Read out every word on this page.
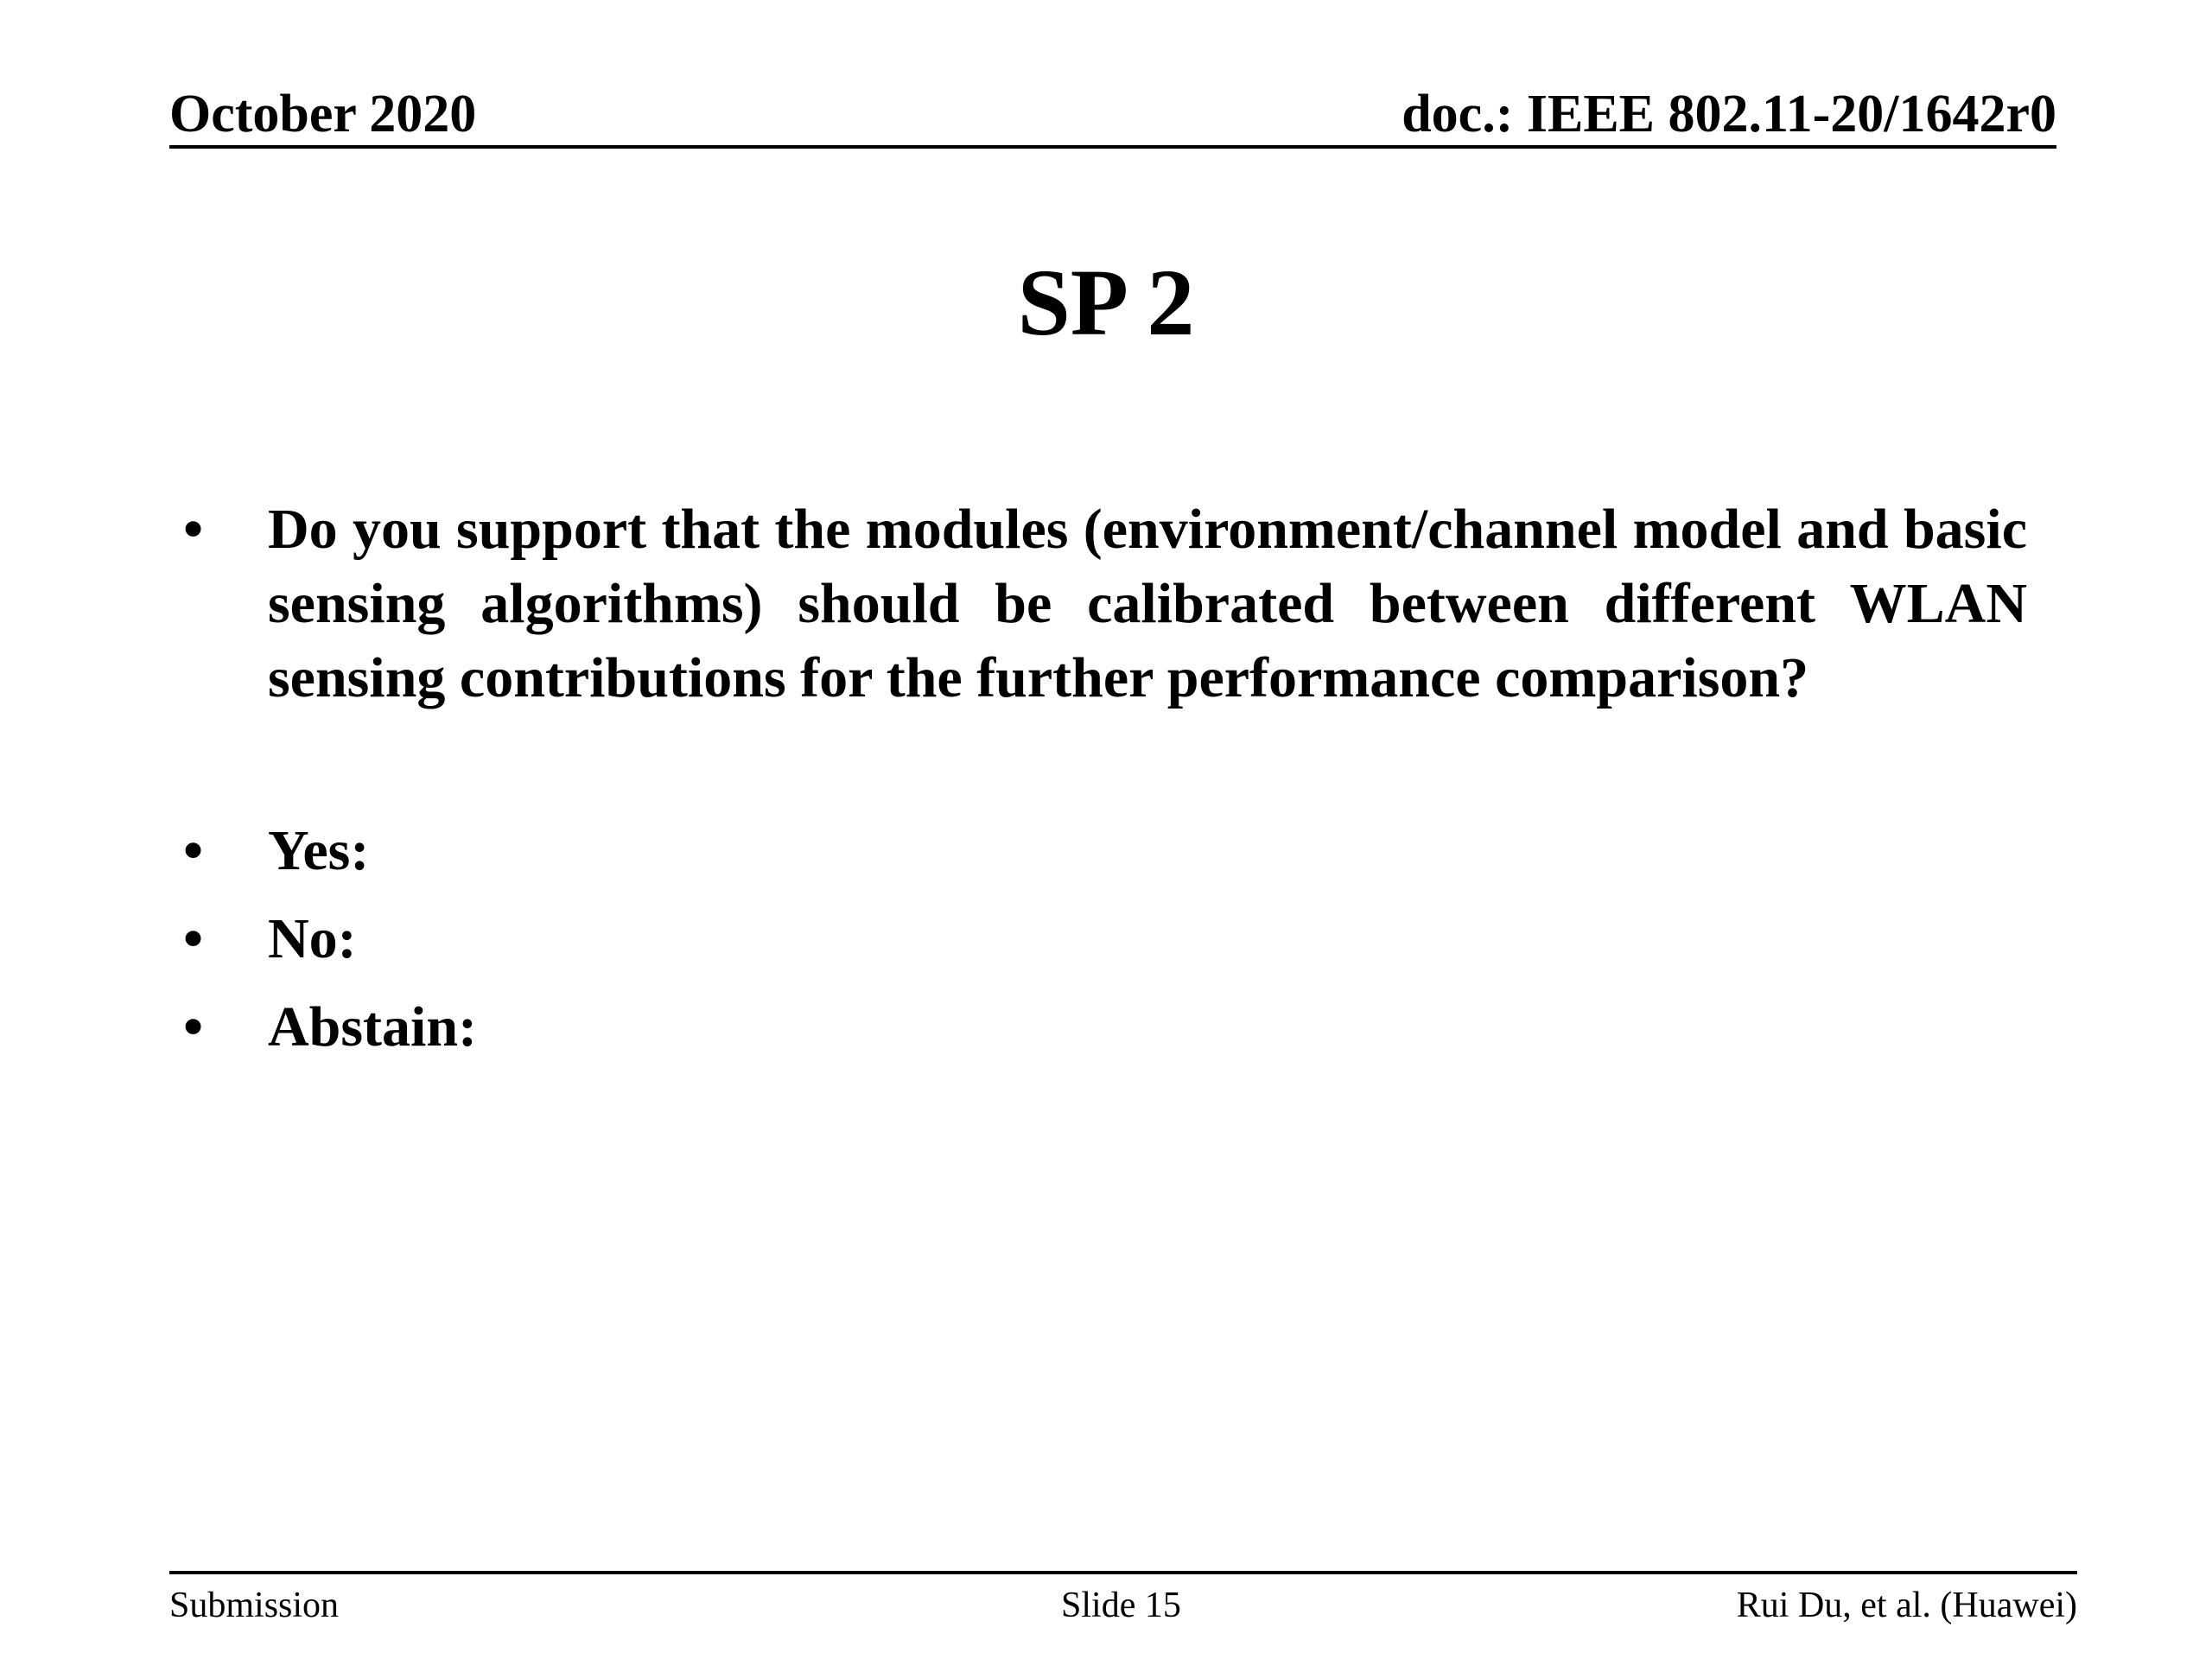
October 2020	doc.: IEEE 802.11-20/1642r0
SP 2
•	Do you support that the modules (environment/channel model and basic sensing algorithms) should be calibrated between different WLAN sensing contributions for the further performance comparison?
•	Yes:
•	No:
•	Abstain:
Submission	Slide 15	Rui Du, et al. (Huawei)
